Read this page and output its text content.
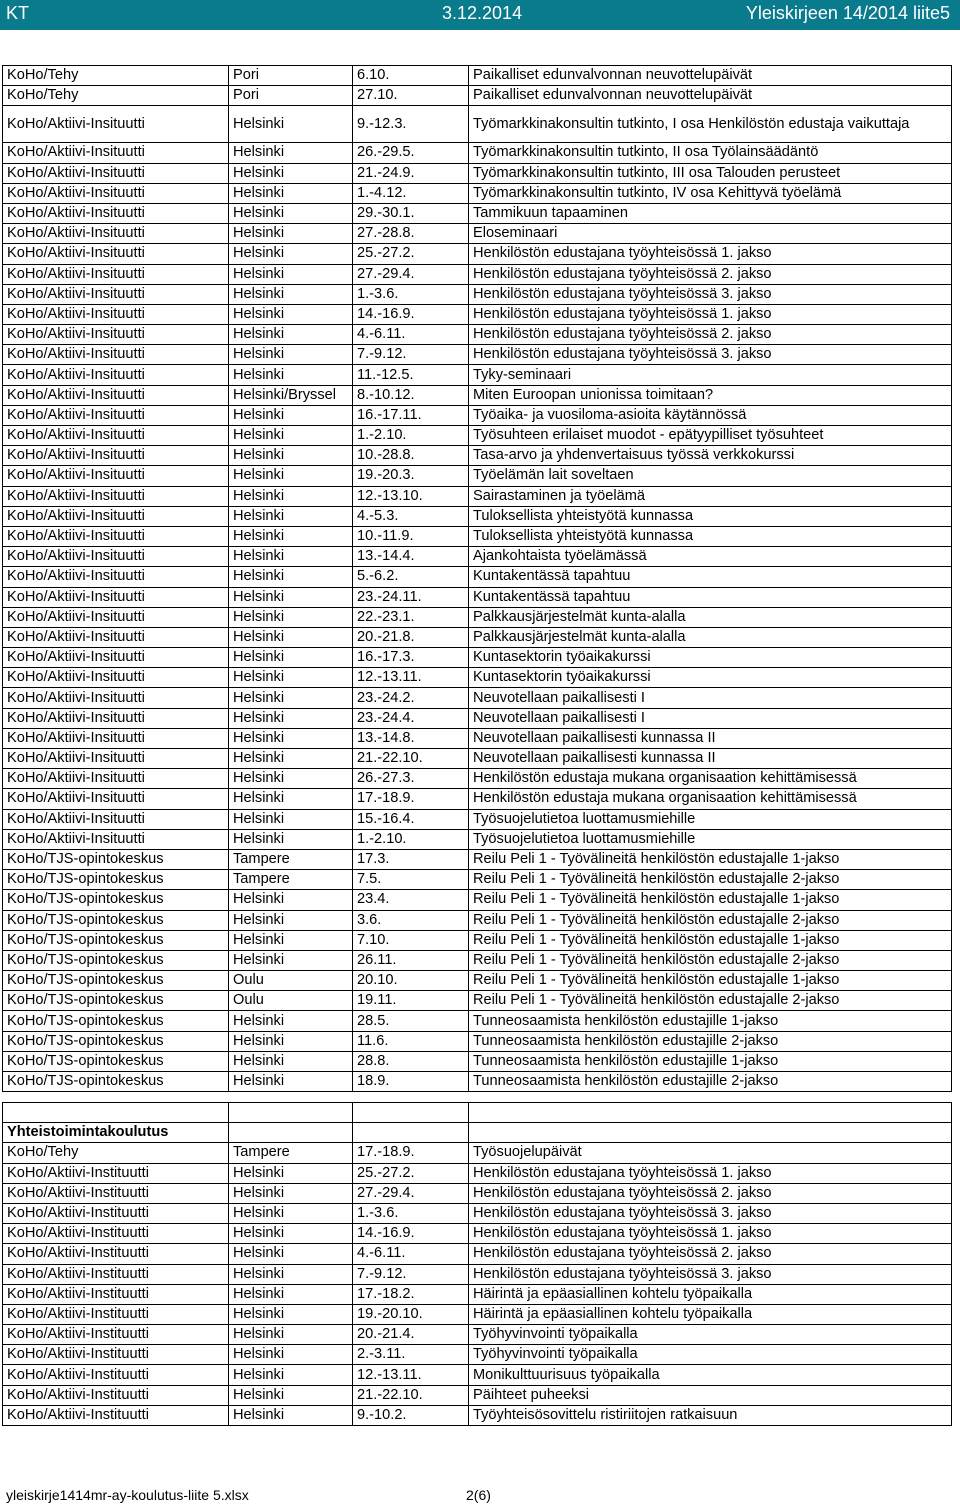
KT	3.12.2014	Yleiskirjeen 14/2014 liite5
KoHo/Tehy	Pori	6.10.	Paikalliset edunvalvonnan neuvottelupäivät
KoHo/Tehy	Pori	27.10.	Paikalliset edunvalvonnan neuvottelupäivät
KoHo/Aktiivi-Insituutti	Helsinki	9.-12.3.	Työmarkkinakonsultin tutkinto, I osa Henkilöstön edustaja vaikuttaja
KoHo/Aktiivi-Insituutti	Helsinki	26.-29.5.	Työmarkkinakonsultin tutkinto, II osa Työlainsäädäntö
KoHo/Aktiivi-Insituutti	Helsinki	21.-24.9.	Työmarkkinakonsultin tutkinto, III osa Talouden perusteet
KoHo/Aktiivi-Insituutti	Helsinki	1.-4.12.	Työmarkkinakonsultin tutkinto, IV osa Kehittyvä työelämä
KoHo/Aktiivi-Insituutti	Helsinki	29.-30.1.	Tammikuun tapaaminen
KoHo/Aktiivi-Insituutti	Helsinki	27.-28.8.	Eloseminaari
KoHo/Aktiivi-Insituutti	Helsinki	25.-27.2.	Henkilöstön edustajana työyhteisössä 1. jakso
KoHo/Aktiivi-Insituutti	Helsinki	27.-29.4.	Henkilöstön edustajana työyhteisössä 2. jakso
KoHo/Aktiivi-Insituutti	Helsinki	1.-3.6.	Henkilöstön edustajana työyhteisössä 3. jakso
KoHo/Aktiivi-Insituutti	Helsinki	14.-16.9.	Henkilöstön edustajana työyhteisössä 1. jakso
KoHo/Aktiivi-Insituutti	Helsinki	4.-6.11.	Henkilöstön edustajana työyhteisössä 2. jakso
KoHo/Aktiivi-Insituutti	Helsinki	7.-9.12.	Henkilöstön edustajana työyhteisössä 3. jakso
KoHo/Aktiivi-Insituutti	Helsinki	11.-12.5.	Tyky-seminaari
KoHo/Aktiivi-Insituutti	Helsinki/Bryssel	8.-10.12.	Miten Euroopan unionissa toimitaan?
KoHo/Aktiivi-Insituutti	Helsinki	16.-17.11.	Työaika- ja vuosiloma-asioita käytännössä
KoHo/Aktiivi-Insituutti	Helsinki	1.-2.10.	Työsuhteen erilaiset muodot - epätyypilliset työsuhteet
KoHo/Aktiivi-Insituutti	Helsinki	10.-28.8.	Tasa-arvo ja yhdenvertaisuus työssä verkkokurssi
KoHo/Aktiivi-Insituutti	Helsinki	19.-20.3.	Työelämän lait soveltaen
KoHo/Aktiivi-Insituutti	Helsinki	12.-13.10.	Sairastaminen ja työelämä
KoHo/Aktiivi-Insituutti	Helsinki	4.-5.3.	Tuloksellista yhteistyötä kunnassa
KoHo/Aktiivi-Insituutti	Helsinki	10.-11.9.	Tuloksellista yhteistyötä kunnassa
KoHo/Aktiivi-Insituutti	Helsinki	13.-14.4.	Ajankohtaista työelämässä
KoHo/Aktiivi-Insituutti	Helsinki	5.-6.2.	Kuntakentässä tapahtuu
KoHo/Aktiivi-Insituutti	Helsinki	23.-24.11.	Kuntakentässä tapahtuu
KoHo/Aktiivi-Insituutti	Helsinki	22.-23.1.	Palkkausjärjestelmät kunta-alalla
KoHo/Aktiivi-Insituutti	Helsinki	20.-21.8.	Palkkausjärjestelmät kunta-alalla
KoHo/Aktiivi-Insituutti	Helsinki	16.-17.3.	Kuntasektorin työaikakurssi
KoHo/Aktiivi-Insituutti	Helsinki	12.-13.11.	Kuntasektorin työaikakurssi
KoHo/Aktiivi-Insituutti	Helsinki	23.-24.2.	Neuvotellaan paikallisesti I
KoHo/Aktiivi-Insituutti	Helsinki	23.-24.4.	Neuvotellaan paikallisesti I
KoHo/Aktiivi-Insituutti	Helsinki	13.-14.8.	Neuvotellaan paikallisesti kunnassa II
KoHo/Aktiivi-Insituutti	Helsinki	21.-22.10.	Neuvotellaan paikallisesti kunnassa II
KoHo/Aktiivi-Insituutti	Helsinki	26.-27.3.	Henkilöstön edustaja mukana organisaation kehittämisessä
KoHo/Aktiivi-Insituutti	Helsinki	17.-18.9.	Henkilöstön edustaja mukana organisaation kehittämisessä
KoHo/Aktiivi-Insituutti	Helsinki	15.-16.4.	Työsuojelutietoa luottamusmiehille
KoHo/Aktiivi-Insituutti	Helsinki	1.-2.10.	Työsuojelutietoa luottamusmiehille
KoHo/TJS-opintokeskus	Tampere	17.3.	Reilu Peli 1 - Työvälineitä henkilöstön edustajalle 1-jakso
KoHo/TJS-opintokeskus	Tampere	7.5.	Reilu Peli 1 - Työvälineitä henkilöstön edustajalle 2-jakso
KoHo/TJS-opintokeskus	Helsinki	23.4.	Reilu Peli 1 - Työvälineitä henkilöstön edustajalle 1-jakso
KoHo/TJS-opintokeskus	Helsinki	3.6.	Reilu Peli 1 - Työvälineitä henkilöstön edustajalle 2-jakso
KoHo/TJS-opintokeskus	Helsinki	7.10.	Reilu Peli 1 - Työvälineitä henkilöstön edustajalle 1-jakso
KoHo/TJS-opintokeskus	Helsinki	26.11.	Reilu Peli 1 - Työvälineitä henkilöstön edustajalle 2-jakso
KoHo/TJS-opintokeskus	Oulu	20.10.	Reilu Peli 1 - Työvälineitä henkilöstön edustajalle 1-jakso
KoHo/TJS-opintokeskus	Oulu	19.11.	Reilu Peli 1 - Työvälineitä henkilöstön edustajalle 2-jakso
KoHo/TJS-opintokeskus	Helsinki	28.5.	Tunneosaamista henkilöstön edustajille 1-jakso
KoHo/TJS-opintokeskus	Helsinki	11.6.	Tunneosaamista henkilöstön edustajille 2-jakso
KoHo/TJS-opintokeskus	Helsinki	28.8.	Tunneosaamista henkilöstön edustajille 1-jakso
KoHo/TJS-opintokeskus	Helsinki	18.9.	Tunneosaamista henkilöstön edustajille 2-jakso

Yhteistoimintakoulutus			
KoHo/Tehy	Tampere	17.-18.9.	Työsuojelupäivät
KoHo/Aktiivi-Instituutti	Helsinki	25.-27.2.	Henkilöstön edustajana työyhteisössä 1. jakso
KoHo/Aktiivi-Instituutti	Helsinki	27.-29.4.	Henkilöstön edustajana työyhteisössä 2. jakso
KoHo/Aktiivi-Instituutti	Helsinki	1.-3.6.	Henkilöstön edustajana työyhteisössä 3. jakso
KoHo/Aktiivi-Instituutti	Helsinki	14.-16.9.	Henkilöstön edustajana työyhteisössä 1. jakso
KoHo/Aktiivi-Instituutti	Helsinki	4.-6.11.	Henkilöstön edustajana työyhteisössä 2. jakso
KoHo/Aktiivi-Instituutti	Helsinki	7.-9.12.	Henkilöstön edustajana työyhteisössä 3. jakso
KoHo/Aktiivi-Instituutti	Helsinki	17.-18.2.	Häirintä ja epäasiallinen kohtelu työpaikalla
KoHo/Aktiivi-Instituutti	Helsinki	19.-20.10.	Häirintä ja epäasiallinen kohtelu työpaikalla
KoHo/Aktiivi-Instituutti	Helsinki	20.-21.4.	Työhyvinvointi työpaikalla
KoHo/Aktiivi-Instituutti	Helsinki	2.-3.11.	Työhyvinvointi työpaikalla
KoHo/Aktiivi-Instituutti	Helsinki	12.-13.11.	Monikulttuurisuus työpaikalla
KoHo/Aktiivi-Instituutti	Helsinki	21.-22.10.	Päihteet puheeksi
KoHo/Aktiivi-Instituutti	Helsinki	9.-10.2.	Työyhteisösovittelu ristiriitojen ratkaisuun
yleiskirje1414mr-ay-koulutus-liite 5.xlsx	2(6)
